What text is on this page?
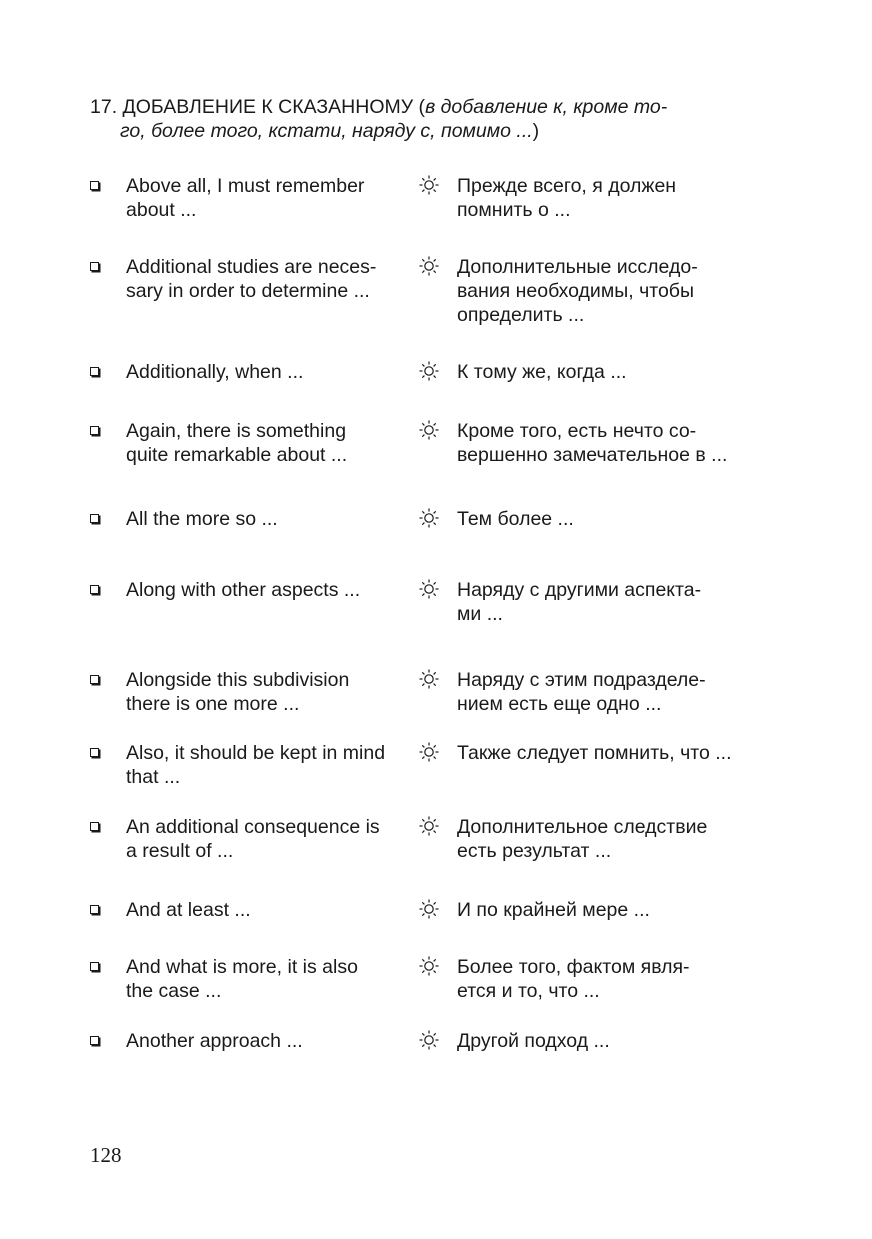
17. ДОБАВЛЕНИЕ К СКАЗАННОМУ (в добавление к, кроме то-
го, более того, кстати, наряду с, помимо ...)
Above all, I must remember
about ...
Прежде всего, я должен
помнить о ...
Additional studies are neces-
sary in order to determine ...
Дополнительные исследо-
вания необходимы, чтобы
определить ...
Additionally, when ...	К тому же, когда ...
Again, there is something
quite remarkable about ...
Кроме того, есть нечто со-
вершенно замечательное в ...
All the more so ...	Тем более ...
Along with other aspects ...	Наряду с другими аспекта-
ми ...
Alongside this subdivision
there is one more ...
Наряду с этим подразделе-
нием есть еще одно ...
Also, it should be kept in mind
that ...
Также следует помнить, что ...
An additional consequence is
a result of ...
Дополнительное следствие
есть результат ...
And at least ...	И по крайней мере ...
And what is more, it is also
the case ...
Более того, фактом явля-
ется и то, что ...
Another approach ...	Другой подход ...
128
